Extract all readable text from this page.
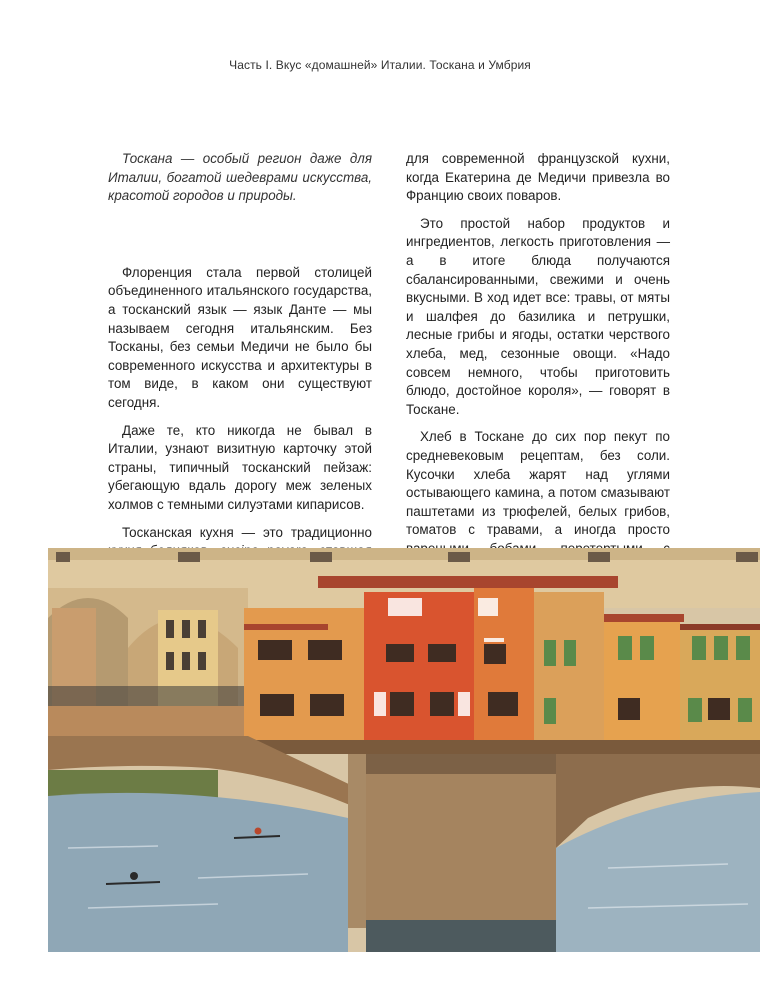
Часть I. Вкус «домашней» Италии. Тоскана и Умбрия

Тоскана — особый регион даже для Италии, богатой шедеврами искусства, красотой городов и природы.

Флоренция стала первой столицей объединенного итальянского государства, а тосканский язык — язык Данте — мы называем сегодня итальянским. Без Тосканы, без семьи Медичи не было бы современного искусства и архитектуры в том виде, в каком они существуют сегодня.

Даже те, кто никогда не бывал в Италии, узнают визитную карточку этой страны, типичный тосканский пейзаж: убегающую вдаль дорогу меж зеленых холмов с темными силуэтами кипарисов.

Тосканская кухня — это традиционно

для современной французской кухни, когда Екатерина де Медичи привезла во Францию своих поваров.

Это простой набор продуктов и ингредиентов, легкость приготовления — а в итоге блюда получаются сбалансированными, свежими и очень вкусными. В ход идет все: травы, от мяты и шалфея до базилика и петрушки, лесные грибы и ягоды, остатки черствого хлеба, мед, сезонные овощи. «Надо совсем немного, чтобы приготовить блюдо, достойное короля», — говорят в Тоскане.

Хлеб в Тоскане до сих пор пекут по средневековым рецептам, без соли. Кусочки хлеба жарят над углями остывающего камина, а потом смазывают паштетами из трюфелей, белых грибов, томатов с травами, а иногда просто
